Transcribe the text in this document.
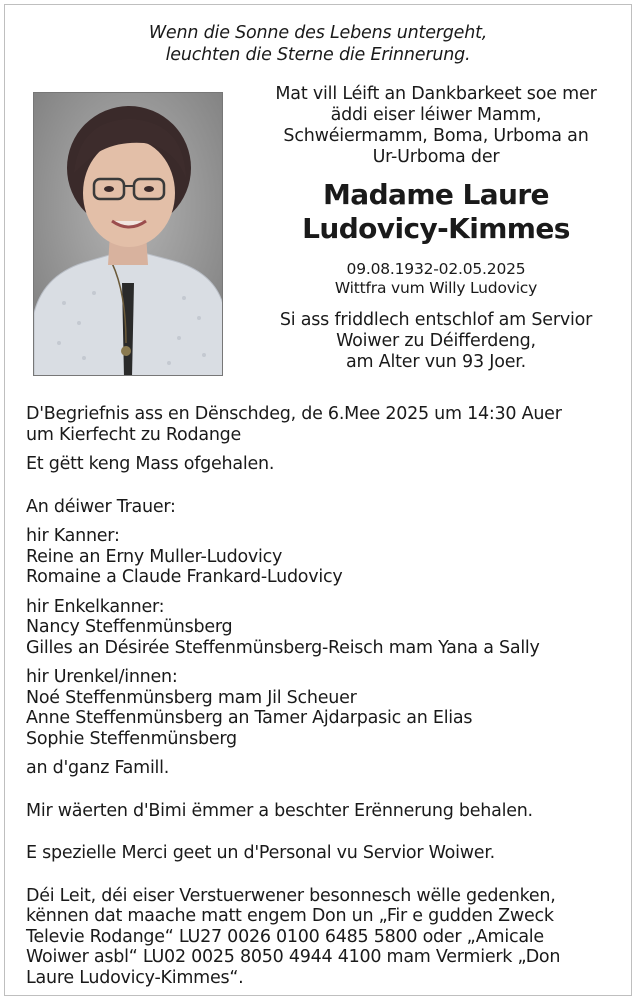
Wenn die Sonne des Lebens untergeht,
leuchten die Sterne die Erinnerung.
Mat vill Léift an Dankbarkeet soe mer
äddi eiser léiwer Mamm,
Schwéiermamm, Boma, Urboma an
Ur-Urboma der
Madame Laure
Ludovicy-Kimmes
09.08.1932-02.05.2025
Wittfra vum Willy Ludovicy
Si ass friddlech entschlof am Servior
Woiwer zu Déifferdeng,
am Alter vun 93 Joer.

D'Begriefnis ass en Dënschdeg, de 6.Mee 2025 um 14:30 Auer
um Kierfecht zu Rodange

Et gëtt keng Mass ofgehalen.

An déiwer Trauer:

hir Kanner:
Reine an Erny Muller-Ludovicy
Romaine a Claude Frankard-Ludovicy
hir Enkelkanner:
Nancy Steffenmünsberg
Gilles an Désirée Steffenmünsberg-Reisch mam Yana a Sally
hir Urenkel/innen:
Noé Steffenmünsberg mam Jil Scheuer
Anne Steffenmünsberg an Tamer Ajdarpasic an Elias
Sophie Steffenmünsberg

an d'ganz Famill.

Mir wäerten d'Bimi ëmmer a beschter Erënnerung behalen.

E spezielle Merci geet un d'Personal vu Servior Woiwer.

Déi Leit, déi eiser Verstuerwener besonnesch wëlle gedenken,
kënnen dat maache matt engem Don un „Fir e gudden Zweck
Televie Rodange“ LU27 0026 0100 6485 5800 oder „Amicale
Woiwer asbl“ LU02 0025 8050 4944 4100 mam Vermierk „Don
Laure Ludovicy-Kimmes“.
